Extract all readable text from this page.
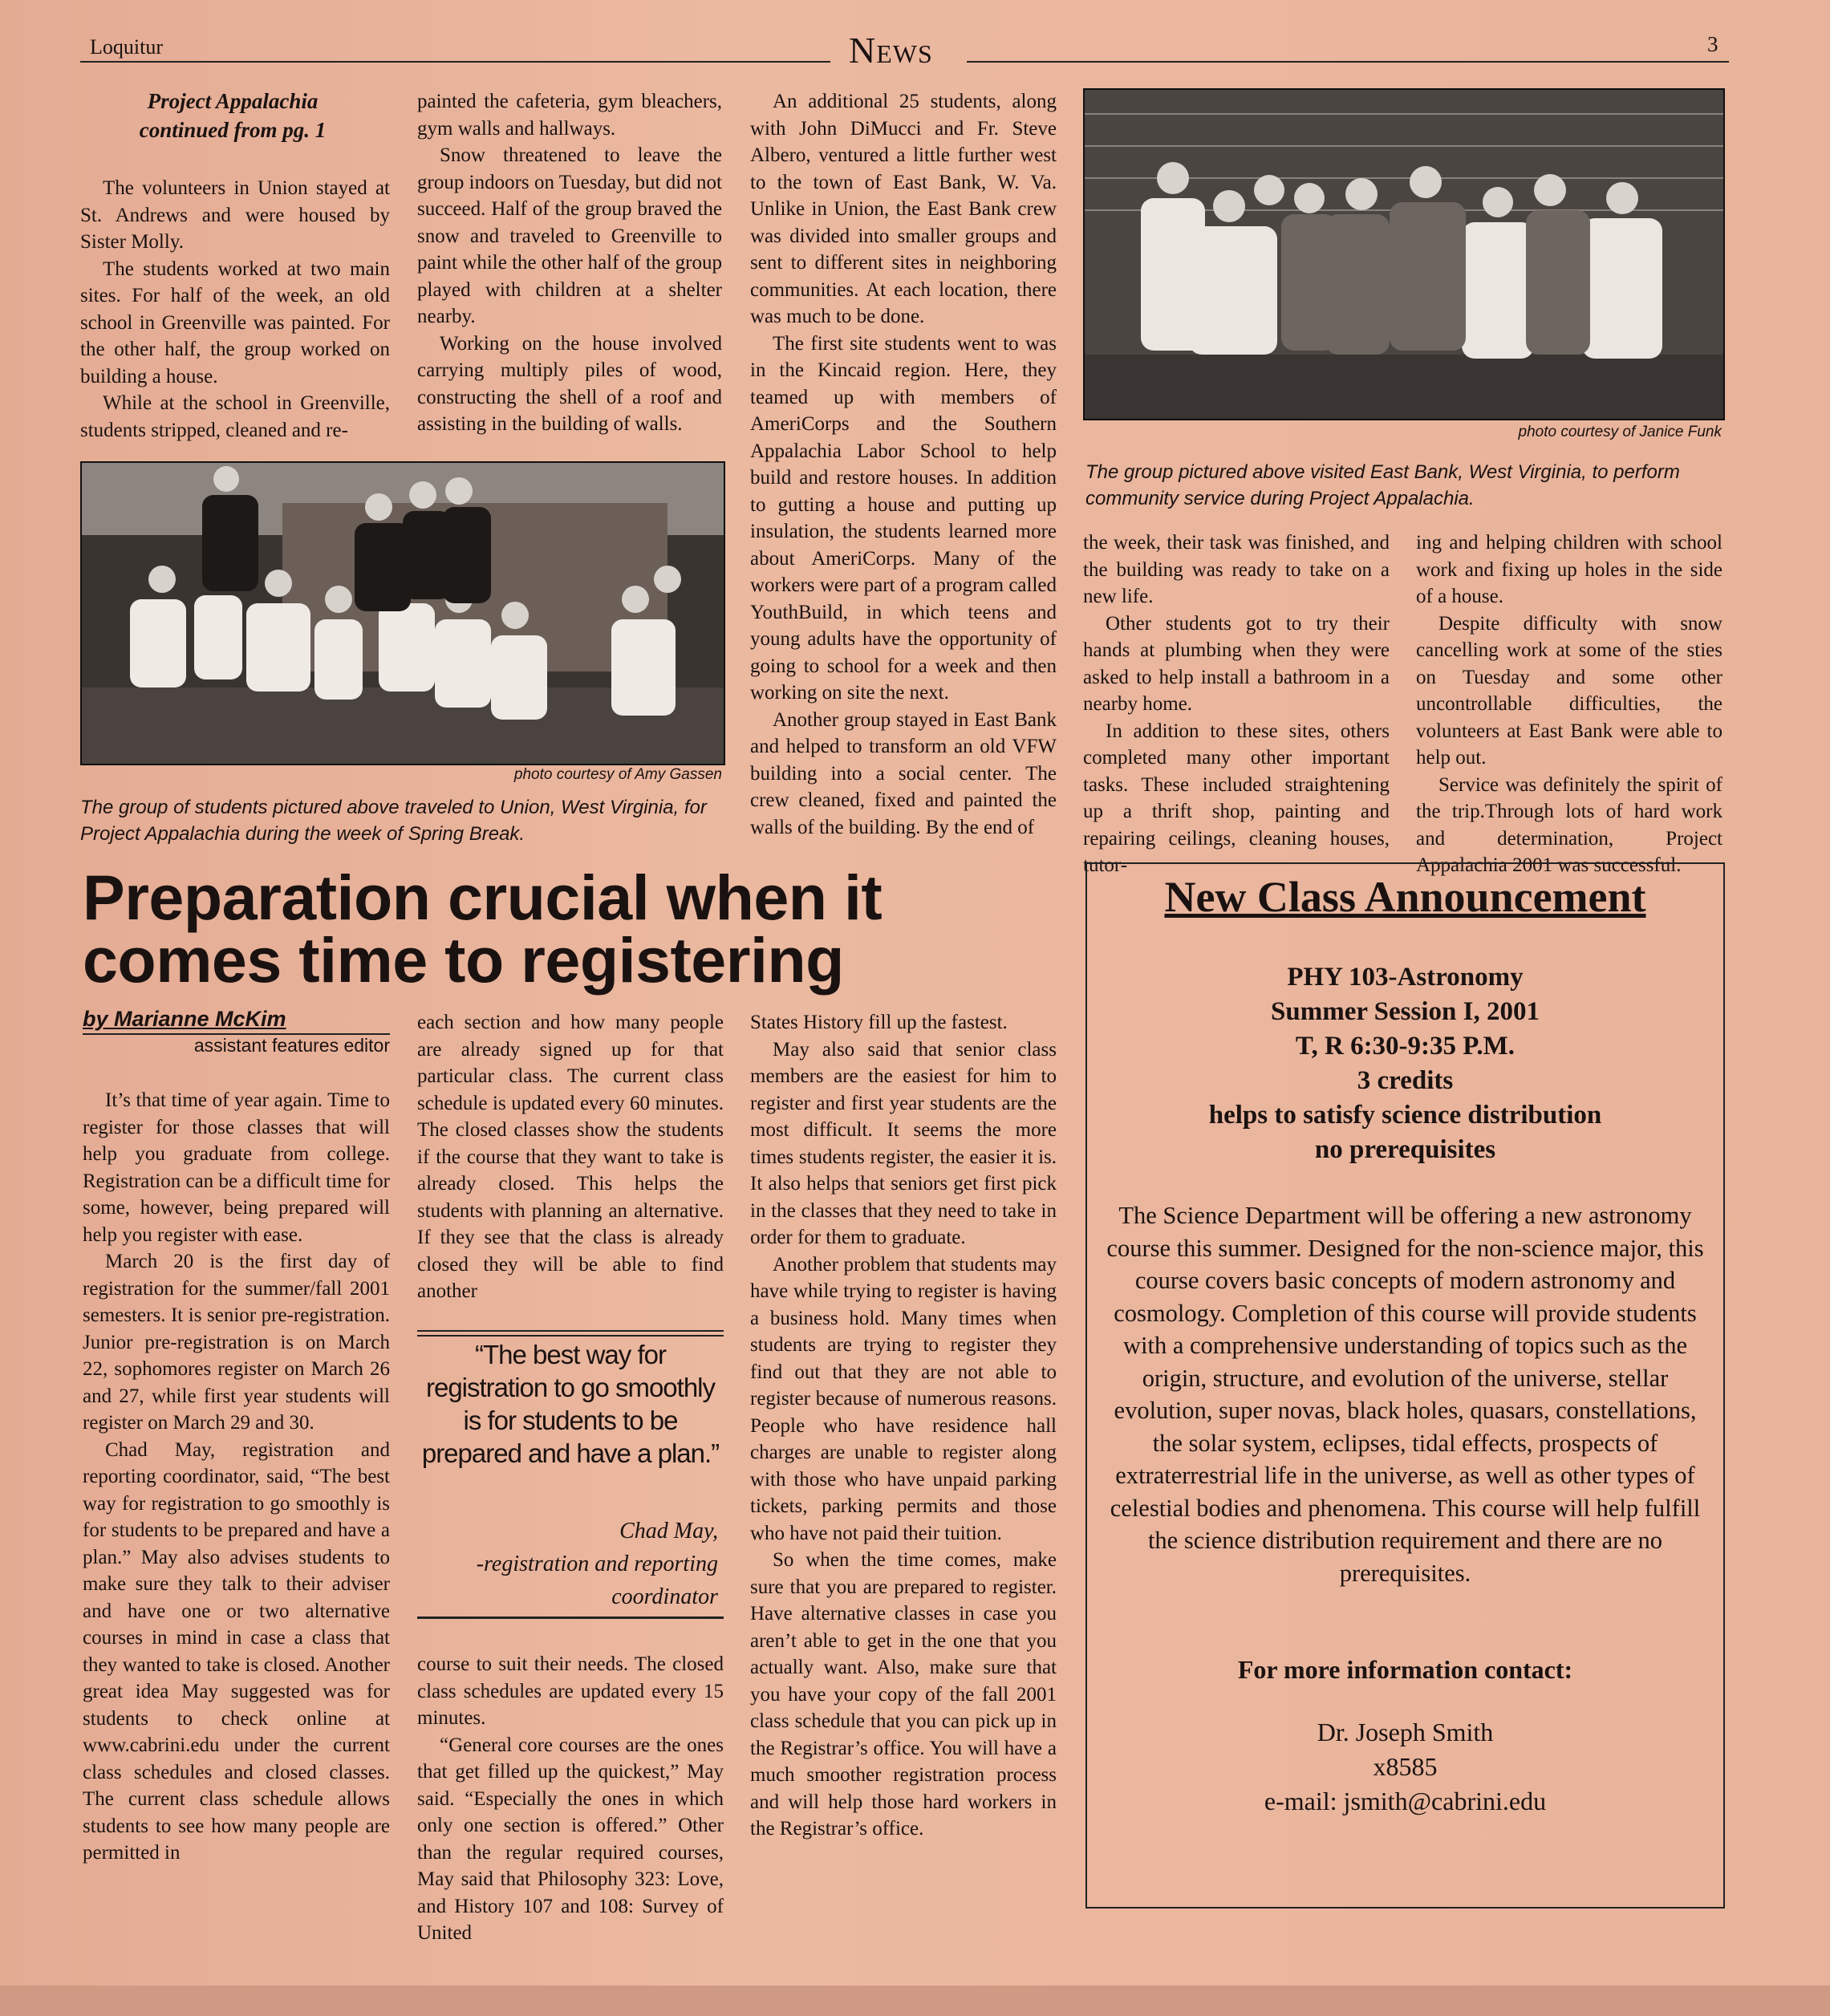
Loquitur	News	3
Project Appalachia
continued from pg. 1

The volunteers in Union stayed at St. Andrews and were housed by Sister Molly.

The students worked at two main sites. For half of the week, an old school in Greenville was painted. For the other half, the group worked on building a house.

While at the school in Greenville, students stripped, cleaned and re-

painted the cafeteria, gym bleachers, gym walls and hallways.

Snow threatened to leave the group indoors on Tuesday, but did not succeed. Half of the group braved the snow and traveled to Greenville to paint while the other half of the group played with children at a shelter nearby.

Working on the house involved carrying multiply piles of wood, constructing the shell of a roof and assisting in the building of walls.

photo courtesy of Amy Gassen
The group of students pictured above traveled to Union, West Virginia, for Project Appalachia during the week of Spring Break.

An additional 25 students, along with John DiMucci and Fr. Steve Albero, ventured a little further west to the town of East Bank, W. Va. Unlike in Union, the East Bank crew was divided into smaller groups and sent to different sites in neighboring communities. At each location, there was much to be done.

The first site students went to was in the Kincaid region. Here, they teamed up with members of AmeriCorps and the Southern Appalachia Labor School to help build and restore houses. In addition to gutting a house and putting up insulation, the students learned more about AmeriCorps. Many of the workers were part of a program called YouthBuild, in which teens and young adults have the opportunity of going to school for a week and then working on site the next.

Another group stayed in East Bank and helped to transform an old VFW building into a social center. The crew cleaned, fixed and painted the walls of the building. By the end of

photo courtesy of Janice Funk
The group pictured above visited East Bank, West Virginia, to perform community service during Project Appalachia.

the week, their task was finished, and the building was ready to take on a new life.

Other students got to try their hands at plumbing when they were asked to help install a bathroom in a nearby home.

In addition to these sites, others completed many other important tasks. These included straightening up a thrift shop, painting and repairing ceilings, cleaning houses, tutor-

ing and helping children with school work and fixing up holes in the side of a house.

Despite difficulty with snow cancelling work at some of the sties on Tuesday and some other uncontrollable difficulties, the volunteers at East Bank were able to help out.

Service was definitely the spirit of the trip.Through lots of hard work and determination, Project Appalachia 2001 was successful.

Preparation crucial when it
comes time to registering
by Marianne McKim
assistant features editor

It’s that time of year again. Time to register for those classes that will help you graduate from college. Registration can be a difficult time for some, however, being prepared will help you register with ease.

March 20 is the first day of registration for the summer/fall 2001 semesters. It is senior pre-registration. Junior pre-registration is on March 22, sophomores register on March 26 and 27, while first year students will register on March 29 and 30.

Chad May, registration and reporting coordinator, said, “The best way for registration to go smoothly is for students to be prepared and have a plan.” May also advises students to make sure they talk to their adviser and have one or two alternative courses in mind in case a class that they wanted to take is closed. Another great idea May suggested was for students to check online at www.cabrini.edu under the current class schedules and closed classes. The current class schedule allows students to see how many people are permitted in

each section and how many people are already signed up for that particular class. The current class schedule is updated every 60 minutes. The closed classes show the students if the course that they want to take is already closed. This helps the students with planning an alternative. If they see that the class is already closed they will be able to find another

“The best way for registration to go smoothly is for students to be prepared and have a plan.”
Chad May,
-registration and reporting
coordinator

course to suit their needs. The closed class schedules are updated every 15 minutes.

“General core courses are the ones that get filled up the quickest,” May said. “Especially the ones in which only one section is offered.” Other than the regular required courses, May said that Philosophy 323: Love, and History 107 and 108: Survey of United

States History fill up the fastest.

May also said that senior class members are the easiest for him to register and first year students are the most difficult. It seems the more times students register, the easier it is. It also helps that seniors get first pick in the classes that they need to take in order for them to graduate.

Another problem that students may have while trying to register is having a business hold. Many times when students are trying to register they find out that they are not able to register because of numerous reasons. People who have residence hall charges are unable to register along with those who have unpaid parking tickets, parking permits and those who have not paid their tuition.

So when the time comes, make sure that you are prepared to register. Have alternative classes in case you aren’t able to get in the one that you actually want. Also, make sure that you have your copy of the fall 2001 class schedule that you can pick up in the Registrar’s office. You will have a much smoother registration process and will help those hard workers in the Registrar’s office.

New Class Announcement
PHY 103-Astronomy
Summer Session I, 2001
T, R 6:30-9:35 P.M.
3 credits
helps to satisfy science distribution
no prerequisites
The Science Department will be offering a new astronomy course this summer. Designed for the non-science major, this course covers basic concepts of modern astronomy and cosmology. Completion of this course will provide students with a comprehensive understanding of topics such as the origin, structure, and evolution of the universe, stellar evolution, super novas, black holes, quasars, constellations, the solar system, eclipses, tidal effects, prospects of extraterrestrial life in the universe, as well as other types of celestial bodies and phenomena. This course will help fulfill the science distribution requirement and there are no prerequisites.
For more information contact:
Dr. Joseph Smith
x8585
e-mail: jsmith@cabrini.edu
